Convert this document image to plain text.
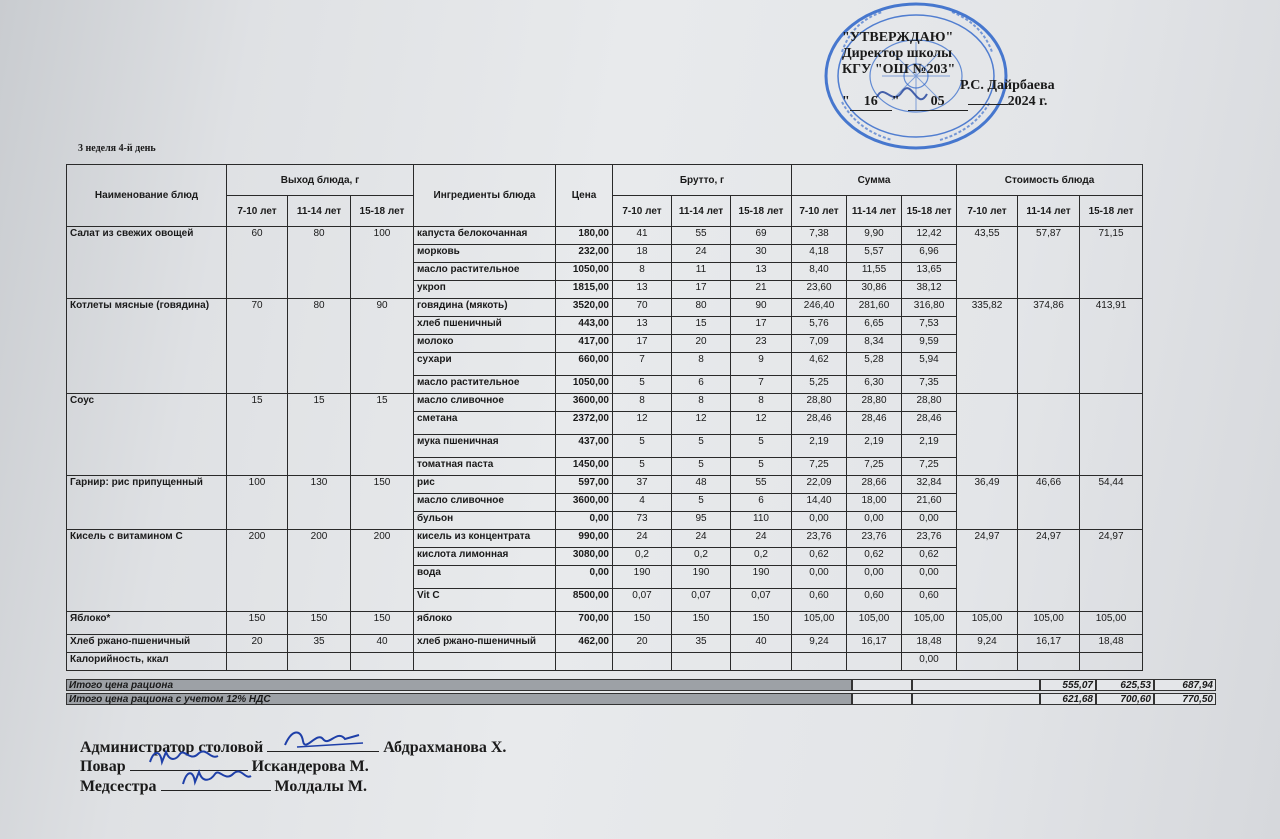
"УТВЕРЖДАЮ"
Директор школы
КГУ "ОШ №203"
Р.С. Дайрбаева
" 16 " 05	2024 г.
3 неделя 4-й день
Наименование блюд	Выход блюда, г			Ингредиенты блюда	Цена	Брутто, г			Сумма			Стоимость блюда		
	7-10 лет	11-14 лет	15-18 лет			7-10 лет	11-14 лет	15-18 лет	7-10 лет	11-14 лет	15-18 лет	7-10 лет	11-14 лет	15-18 лет
Салат из свежих овощей	60	80	100	капуста белокочанная	180,00	41	55	69	7,38	9,90	12,42	43,55	57,87	71,15
				морковь	232,00	18	24	30	4,18	5,57	6,96			
				масло растительное	1050,00	8	11	13	8,40	11,55	13,65			
				укроп	1815,00	13	17	21	23,60	30,86	38,12			
Котлеты мясные (говядина)	70	80	90	говядина (мякоть)	3520,00	70	80	90	246,40	281,60	316,80	335,82	374,86	413,91
				хлеб пшеничный	443,00	13	15	17	5,76	6,65	7,53			
				молоко	417,00	17	20	23	7,09	8,34	9,59			
				сухари	660,00	7	8	9	4,62	5,28	5,94			
				масло растительное	1050,00	5	6	7	5,25	6,30	7,35			
Соус	15	15	15	масло сливочное	3600,00	8	8	8	28,80	28,80	28,80			
				сметана	2372,00	12	12	12	28,46	28,46	28,46			
				мука пшеничная	437,00	5	5	5	2,19	2,19	2,19			
				томатная паста	1450,00	5	5	5	7,25	7,25	7,25			
Гарнир: рис припущенный	100	130	150	рис	597,00	37	48	55	22,09	28,66	32,84	36,49	46,66	54,44
				масло сливочное	3600,00	4	5	6	14,40	18,00	21,60			
				бульон	0,00	73	95	110	0,00	0,00	0,00			
Кисель с витамином С	200	200	200	кисель из концентрата	990,00	24	24	24	23,76	23,76	23,76	24,97	24,97	24,97
				кислота лимонная	3080,00	0,2	0,2	0,2	0,62	0,62	0,62			
				вода	0,00	190	190	190	0,00	0,00	0,00			
				Vit C	8500,00	0,07	0,07	0,07	0,60	0,60	0,60			
Яблоко*	150	150	150	яблоко	700,00	150	150	150	105,00	105,00	105,00	105,00	105,00	105,00
Хлеб ржано-пшеничный	20	35	40	хлеб ржано-пшеничный	462,00	20	35	40	9,24	16,17	18,48	9,24	16,17	18,48
Калорийность, ккал											0,00			
Итого цена рациона	555,07	625,53	687,94
Итого цена рациона с учетом 12% НДС	621,68	700,60	770,50
Администратор столовой	Абдрахманова Х.
Повар	Искандерова М.
Медсестра	Молдалы М.
